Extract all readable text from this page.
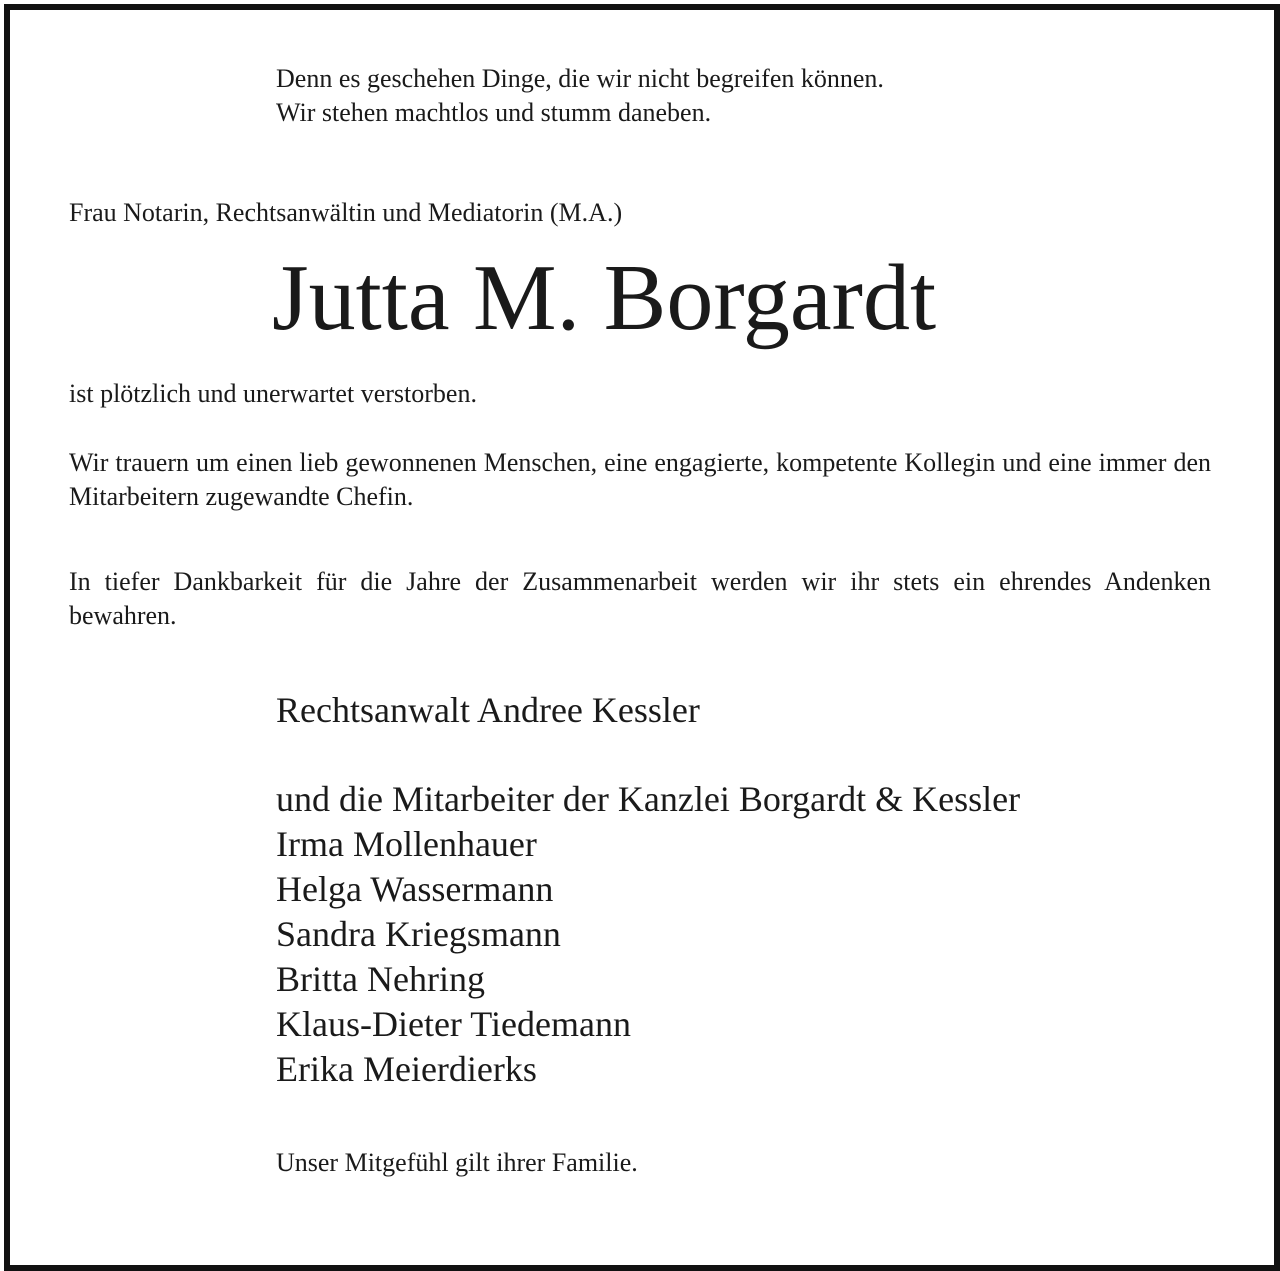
Denn es geschehen Dinge, die wir nicht begreifen können.
Wir stehen machtlos und stumm daneben.
Frau Notarin, Rechtsanwältin und Mediatorin (M.A.)
Jutta M. Borgardt
ist plötzlich und unerwartet verstorben.
Wir trauern um einen lieb gewonnenen Menschen, eine engagierte, kompetente Kollegin und eine immer den Mitarbeitern zugewandte Chefin.
In tiefer Dankbarkeit für die Jahre der Zusammenarbeit werden wir ihr stets ein ehrendes Andenken bewahren.
Rechtsanwalt Andree Kessler
und die Mitarbeiter der Kanzlei Borgardt & Kessler
Irma Mollenhauer
Helga Wassermann
Sandra Kriegsmann
Britta Nehring
Klaus-Dieter Tiedemann
Erika Meierdierks
Unser Mitgefühl gilt ihrer Familie.
